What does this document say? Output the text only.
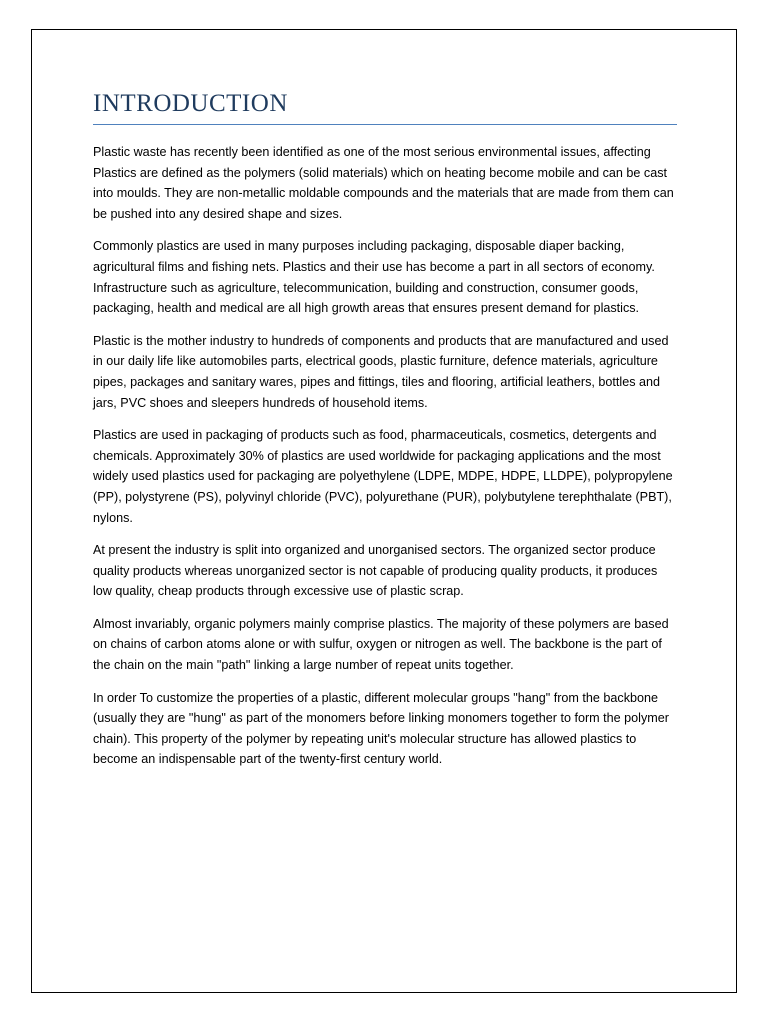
INTRODUCTION

Plastic waste has recently been identified as one of the most serious environmental issues, affecting Plastics are defined as the polymers (solid materials) which on heating become mobile and can be cast into moulds. They are non-metallic moldable compounds and the materials that are made from them can be pushed into any desired shape and sizes.

Commonly plastics are used in many purposes including packaging, disposable diaper backing, agricultural films and fishing nets. Plastics and their use has become a part in all sectors of economy. Infrastructure such as agriculture, telecommunication, building and construction, consumer goods, packaging, health and medical are all high growth areas that ensures present demand for plastics.

Plastic is the mother industry to hundreds of components and products that are manufactured and used in our daily life like automobiles parts, electrical goods, plastic furniture, defence materials, agriculture pipes, packages and sanitary wares, pipes and fittings, tiles and flooring, artificial leathers, bottles and jars, PVC shoes and sleepers hundreds of household items.

Plastics are used in packaging of products such as food, pharmaceuticals, cosmetics, detergents and chemicals. Approximately 30% of plastics are used worldwide for packaging applications and the most widely used plastics used for packaging are polyethylene (LDPE, MDPE, HDPE, LLDPE), polypropylene (PP), polystyrene (PS), polyvinyl chloride (PVC), polyurethane (PUR), polybutylene terephthalate (PBT), nylons.

At present the industry is split into organized and unorganised sectors. The organized sector produce quality products whereas unorganized sector is not capable of producing quality products, it produces low quality, cheap products through excessive use of plastic scrap.

Almost invariably, organic polymers mainly comprise plastics. The majority of these polymers are based on chains of carbon atoms alone or with sulfur, oxygen or nitrogen as well. The backbone is the part of the chain on the main "path" linking a large number of repeat units together.

In order To customize the properties of a plastic, different molecular groups "hang" from the backbone (usually they are "hung" as part of the monomers before linking monomers together to form the polymer chain). This property of the polymer by repeating unit's molecular structure has allowed plastics to become an indispensable part of the twenty-first century world.
